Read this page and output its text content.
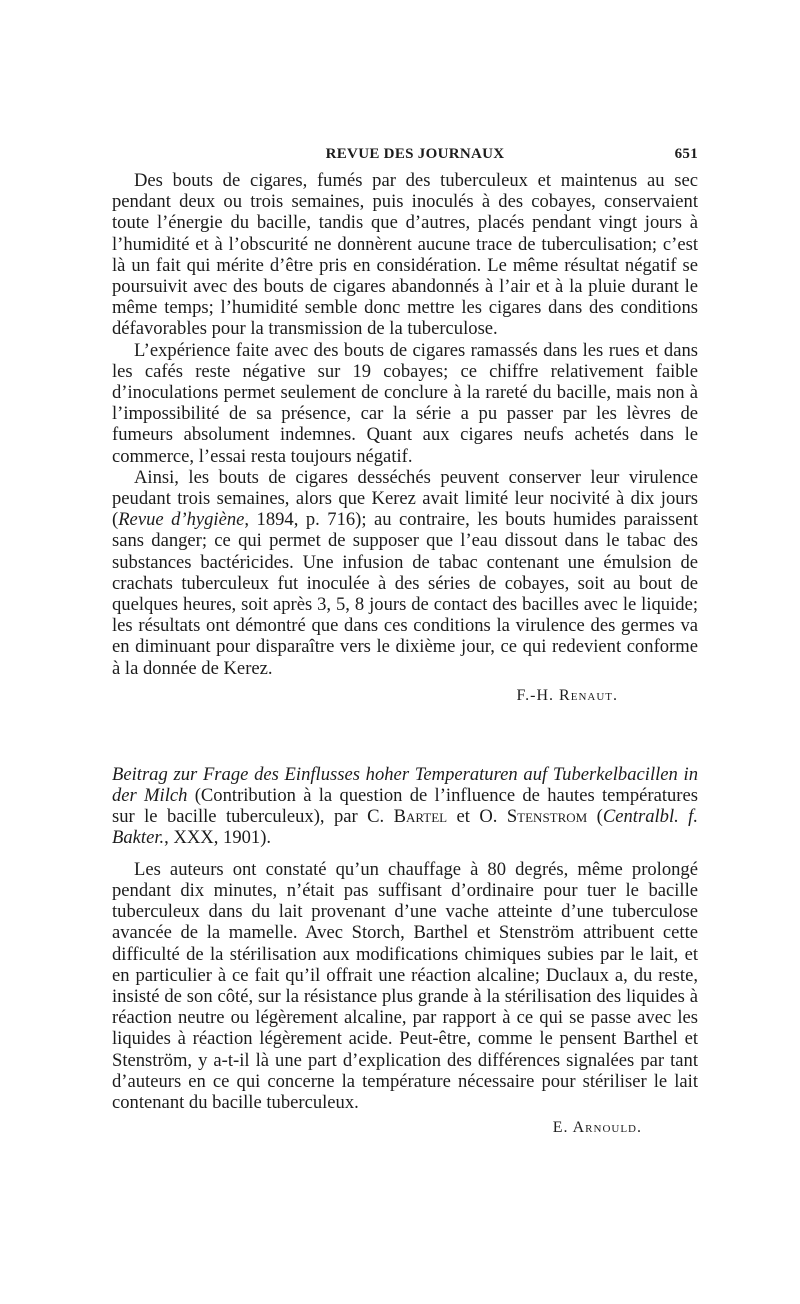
REVUE DES JOURNAUX	651

Des bouts de cigares, fumés par des tuberculeux et maintenus au sec pendant deux ou trois semaines, puis inoculés à des cobayes, conservaient toute l’énergie du bacille, tandis que d’autres, placés pendant vingt jours à l’humidité et à l’obscurité ne donnèrent aucune trace de tuberculisation; c’est là un fait qui mérite d’être pris en considération. Le même résultat négatif se poursuivit avec des bouts de cigares abandonnés à l’air et à la pluie durant le même temps; l’humidité semble donc mettre les cigares dans des conditions défavorables pour la transmission de la tuberculose.

L’expérience faite avec des bouts de cigares ramassés dans les rues et dans les cafés reste négative sur 19 cobayes; ce chiffre relativement faible d’inoculations permet seulement de conclure à la rareté du bacille, mais non à l’impossibilité de sa présence, car la série a pu passer par les lèvres de fumeurs absolument indemnes. Quant aux cigares neufs achetés dans le commerce, l’essai resta toujours négatif.

Ainsi, les bouts de cigares desséchés peuvent conserver leur virulence peudant trois semaines, alors que Kerez avait limité leur nocivité à dix jours (Revue d’hygiène, 1894, p. 716); au contraire, les bouts humides paraissent sans danger; ce qui permet de supposer que l’eau dissout dans le tabac des substances bactéricides. Une infusion de tabac contenant une émulsion de crachats tuberculeux fut inoculée à des séries de cobayes, soit au bout de quelques heures, soit après 3, 5, 8 jours de contact des bacilles avec le liquide; les résultats ont démontré que dans ces conditions la virulence des germes va en diminuant pour disparaître vers le dixième jour, ce qui redevient conforme à la donnée de Kerez.

F.-H. Renaut.
Beitrag zur Frage des Einflusses hoher Temperaturen auf Tuberkelbacillen in der Milch (Contribution à la question de l’influence de hautes températures sur le bacille tuberculeux), par C. Bartel et O. Stenstrom (Centralbl. f. Bakter., XXX, 1901).

Les auteurs ont constaté qu’un chauffage à 80 degrés, même prolongé pendant dix minutes, n’était pas suffisant d’ordinaire pour tuer le bacille tuberculeux dans du lait provenant d’une vache atteinte d’une tuberculose avancée de la mamelle. Avec Storch, Barthel et Stenström attribuent cette difficulté de la stérilisation aux modifications chimiques subies par le lait, et en particulier à ce fait qu’il offrait une réaction alcaline; Duclaux a, du reste, insisté de son côté, sur la résistance plus grande à la stérilisation des liquides à réaction neutre ou légèrement alcaline, par rapport à ce qui se passe avec les liquides à réaction légèrement acide. Peut-être, comme le pensent Barthel et Stenström, y a-t-il là une part d’explication des différences signalées par tant d’auteurs en ce qui concerne la température nécessaire pour stériliser le lait contenant du bacille tuberculeux.

E. Arnould.
